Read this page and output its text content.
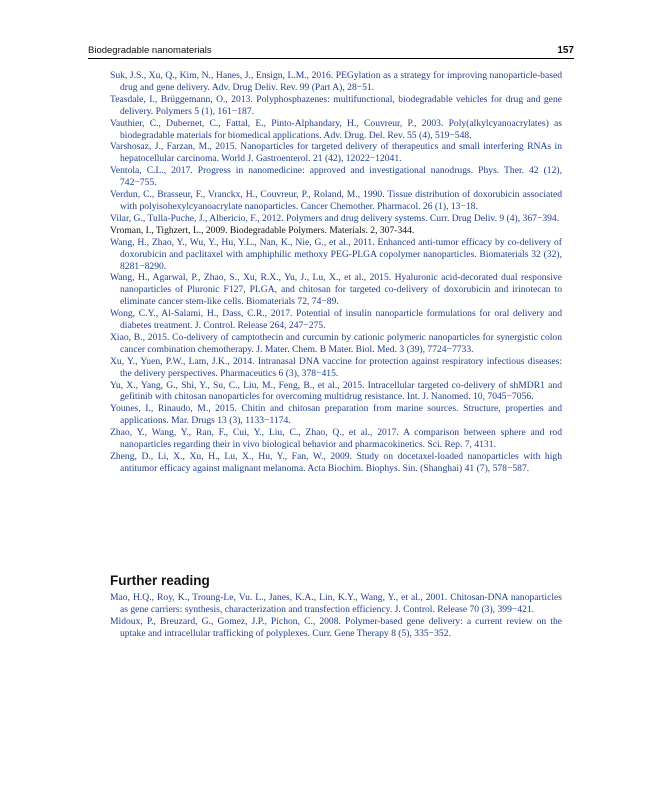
Biodegradable nanomaterials	157

Suk, J.S., Xu, Q., Kim, N., Hanes, J., Ensign, L.M., 2016. PEGylation as a strategy for improving nanoparticle-based drug and gene delivery. Adv. Drug Deliv. Rev. 99 (Part A), 28−51.

Teasdale, I., Brüggemann, O., 2013. Polyphosphazenes: multifunctional, biodegradable vehicles for drug and gene delivery. Polymers 5 (1), 161−187.

Vauthier, C., Dubernet, C., Fattal, E., Pinto-Alphandary, H., Couvreur, P., 2003. Poly(alkylcyanoacrylates) as biodegradable materials for biomedical applications. Adv. Drug. Del. Rev. 55 (4), 519−548.

Varshosaz, J., Farzan, M., 2015. Nanoparticles for targeted delivery of therapeutics and small interfering RNAs in hepatocellular carcinoma. World J. Gastroenterol. 21 (42), 12022−12041.

Ventola, C.L., 2017. Progress in nanomedicine: approved and investigational nanodrugs. Phys. Ther. 42 (12), 742−755.

Verdun, C., Brasseur, F., Vranckx, H., Couvreur, P., Roland, M., 1990. Tissue distribution of doxorubicin associated with polyisohexylcyanoacrylate nanoparticles. Cancer Chemother. Pharmacol. 26 (1), 13−18.

Vilar, G., Tulla-Puche, J., Albericio, F., 2012. Polymers and drug delivery systems. Curr. Drug Deliv. 9 (4), 367−394.

Vroman, I., Tighzert, L., 2009. Biodegradable Polymers. Materials. 2, 307-344.

Wang, H., Zhao, Y., Wu, Y., Hu, Y.L., Nan, K., Nie, G., et al., 2011. Enhanced anti-tumor efficacy by co-delivery of doxorubicin and paclitaxel with amphiphilic methoxy PEG-PLGA copolymer nanoparticles. Biomaterials 32 (32), 8281−8290.

Wang, H., Agarwal, P., Zhao, S., Xu, R.X., Yu, J., Lu, X., et al., 2015. Hyaluronic acid-decorated dual responsive nanoparticles of Pluronic F127, PLGA, and chitosan for targeted co-delivery of doxorubicin and irinotecan to eliminate cancer stem-like cells. Biomaterials 72, 74−89.

Wong, C.Y., Al-Salami, H., Dass, C.R., 2017. Potential of insulin nanoparticle formulations for oral delivery and diabetes treatment. J. Control. Release 264, 247−275.

Xiao, B., 2015. Co-delivery of camptothecin and curcumin by cationic polymeric nanoparticles for synergistic colon cancer combination chemotherapy. J. Mater. Chem. B Mater. Biol. Med. 3 (39), 7724−7733.

Xu, Y., Yuen, P.W., Lam, J.K., 2014. Intranasal DNA vaccine for protection against respiratory infectious diseases: the delivery perspectives. Pharmaceutics 6 (3), 378−415.

Yu, X., Yang, G., Shi, Y., Su, C., Liu, M., Feng, B., et al., 2015. Intracellular targeted co-delivery of shMDR1 and gefitinib with chitosan nanoparticles for overcoming multidrug resistance. Int. J. Nanomed. 10, 7045−7056.

Younes, I., Rinaudo, M., 2015. Chitin and chitosan preparation from marine sources. Structure, properties and applications. Mar. Drugs 13 (3), 1133−1174.

Zhao, Y., Wang, Y., Ran, F., Cui, Y., Liu, C., Zhao, Q., et al., 2017. A comparison between sphere and rod nanoparticles regarding their in vivo biological behavior and pharmacokinetics. Sci. Rep. 7, 4131.

Zheng, D., Li, X., Xu, H., Lu, X., Hu, Y., Fan, W., 2009. Study on docetaxel-loaded nanoparticles with high antitumor efficacy against malignant melanoma. Acta Biochim. Biophys. Sin. (Shanghai) 41 (7), 578−587.

Further reading

Mao, H.Q., Roy, K., Troung-Le, Vu. L., Janes, K.A., Lin, K.Y., Wang, Y., et al., 2001. Chitosan-DNA nanoparticles as gene carriers: synthesis, characterization and transfection efficiency. J. Control. Release 70 (3), 399−421.

Midoux, P., Breuzard, G., Gomez, J.P., Pichon, C., 2008. Polymer-based gene delivery: a current review on the uptake and intracellular trafficking of polyplexes. Curr. Gene Therapy 8 (5), 335−352.
